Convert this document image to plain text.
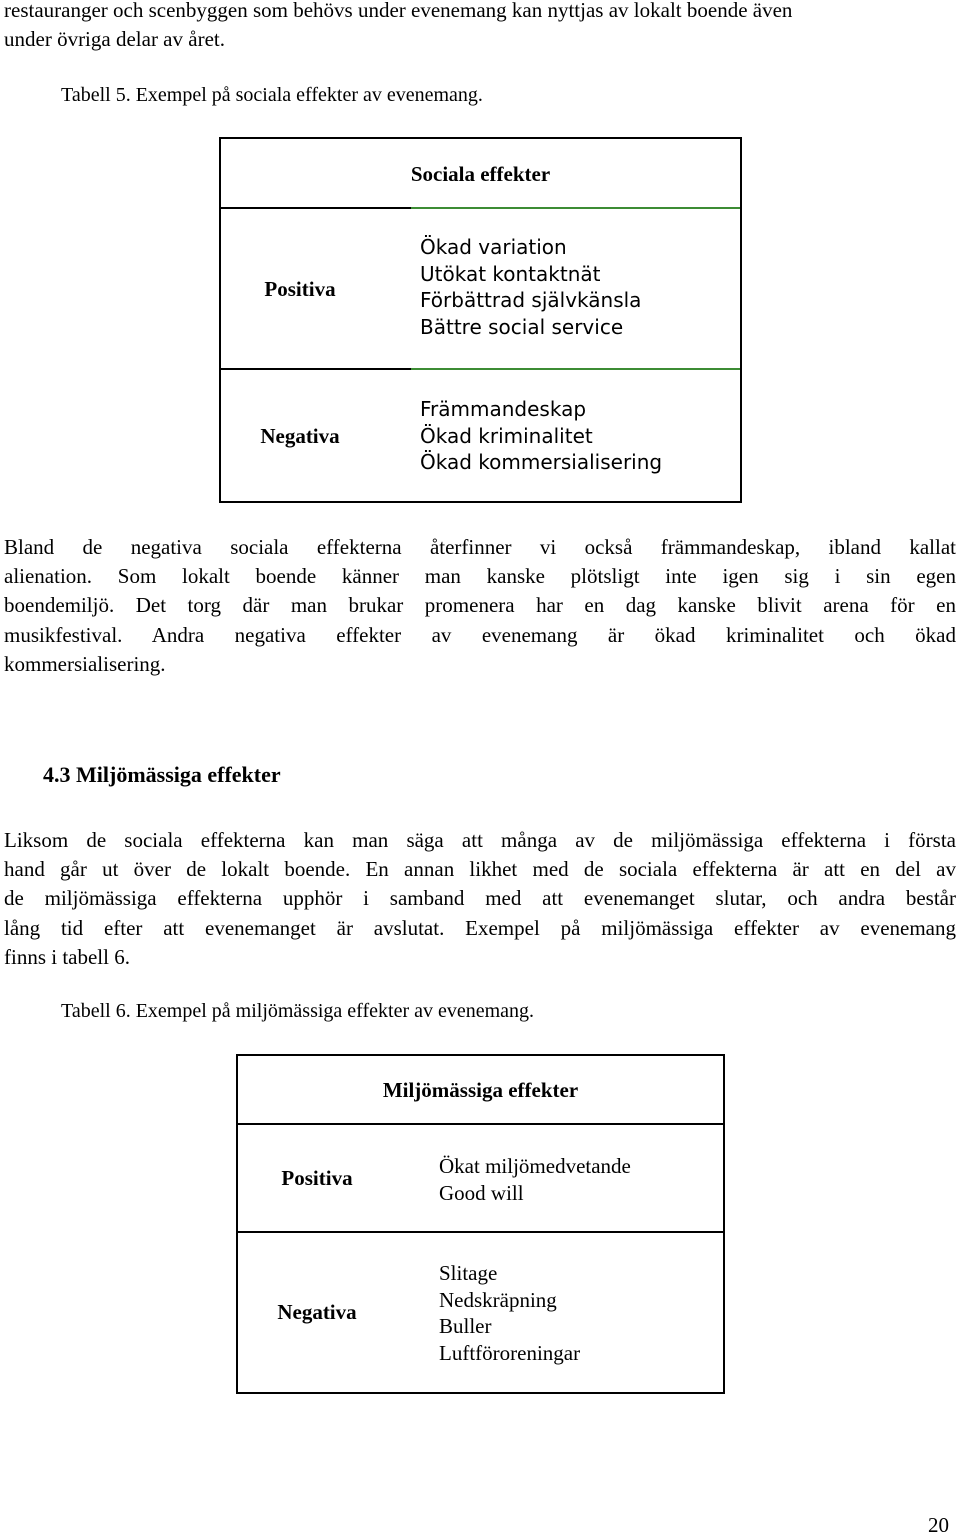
restauranger och scenbyggen som behövs under evenemang kan nyttjas av lokalt boende även
under övriga delar av året.
Tabell 5. Exempel på sociala effekter av evenemang.
Sociala effekter
Positiva
Ökad variation
Utökat kontaktnät
Förbättrad självkänsla
Bättre social service
Negativa
Främmandeskap
Ökad kriminalitet
Ökad kommersialisering
Bland de negativa sociala effekterna återfinner vi också främmandeskap, ibland kallat
alienation. Som lokalt boende känner man kanske plötsligt inte igen sig i sin egen
boendemiljö. Det torg där man brukar promenera har en dag kanske blivit arena för en
musikfestival. Andra negativa effekter av evenemang är ökad kriminalitet och ökad
kommersialisering.
4.3 Miljömässiga effekter
Liksom de sociala effekterna kan man säga att många av de miljömässiga effekterna i första
hand går ut över de lokalt boende. En annan likhet med de sociala effekterna är att en del av
de miljömässiga effekterna upphör i samband med att evenemanget slutar, och andra består
lång tid efter att evenemanget är avslutat. Exempel på miljömässiga effekter av evenemang
finns i tabell 6.
Tabell 6. Exempel på miljömässiga effekter av evenemang.
Miljömässiga effekter
Positiva	Ökat miljömedvetande
Good will
Negativa
Slitage
Nedskräpning
Buller
Luftföroreningar
20
